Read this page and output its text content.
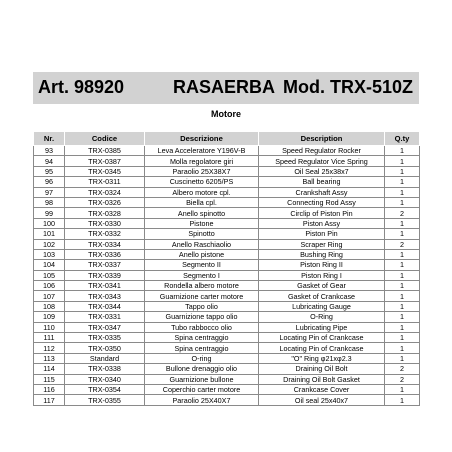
Art. 98920	RASAERBA Mod. TRX-510Z
Motore
Nr.	Codice	Descrizione	Description	Q.ty
93	TRX-0385	Leva Acceleratore Y196V-B	Speed Regulator Rocker	1
94	TRX-0387	Molla regolatore giri	Speed Regulator Vice Spring	1
95	TRX-0345	Paraolio 25X38X7	Oil Seal 25x38x7	1
96	TRX-0311	Cuscinetto 6205/PS	Ball bearing	1
97	TRX-0324	Albero motore cpl.	Crankshaft Assy	1
98	TRX-0326	Biella cpl.	Connecting Rod Assy	1
99	TRX-0328	Anello spinotto	Circlip of Piston Pin	2
100	TRX-0330	Pistone	Piston Assy	1
101	TRX-0332	Spinotto	Piston Pin	1
102	TRX-0334	Anello Raschiaolio	Scraper Ring	2
103	TRX-0336	Anello pistone	Bushing Ring	1
104	TRX-0337	Segmento II	Piston Ring II	1
105	TRX-0339	Segmento I	Piston Ring I	1
106	TRX-0341	Rondella albero motore	Gasket of Gear	1
107	TRX-0343	Guarnizione carter motore	Gasket of Crankcase	1
108	TRX-0344	Tappo olio	Lubricating Gauge	1
109	TRX-0331	Guarnizione tappo olio	O-Ring	1
110	TRX-0347	Tubo rabbocco olio	Lubricating Pipe	1
111	TRX-0335	Spina centraggio	Locating Pin of Crankcase	1
112	TRX-0350	Spina centraggio	Locating Pin of Crankcase	1
113	Standard	O-ring	"O" Ring φ21xφ2.3	1
114	TRX-0338	Bullone drenaggio olio	Draining Oil Bolt	2
115	TRX-0340	Guarnizione bullone	Draining Oil Bolt Gasket	2
116	TRX-0354	Coperchio carter motore	Crankcase Cover	1
117	TRX-0355	Paraolio 25X40X7	Oil seal 25x40x7	1
